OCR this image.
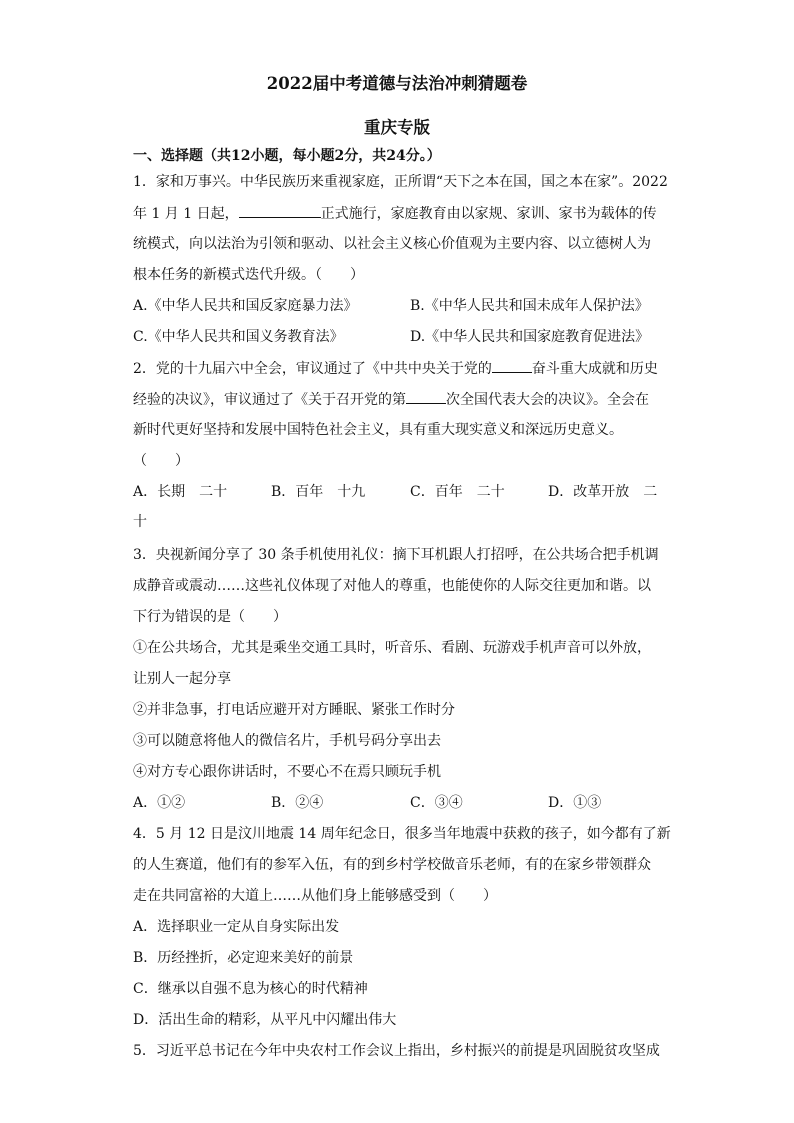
2022届中考道德与法治冲刺猜题卷
重庆专版
一、选择题（共12小题，每小题2分，共24分。）
1．家和万事兴。中华民族历来重视家庭，正所谓“天下之本在国，国之本在家”。2022
年 1 月 1 日起，	正式施行，家庭教育由以家规、家训、家书为载体的传
统模式，向以法治为引领和驱动、以社会主义核心价值观为主要内容、以立德树人为
根本任务的新模式迭代升级。（　　）
A.《中华人民共和国反家庭暴力法》	B.《中华人民共和国未成年人保护法》
C.《中华人民共和国义务教育法》	D.《中华人民共和国家庭教育促进法》
2．党的十九届六中全会，审议通过了《中共中央关于党的	奋斗重大成就和历史
经验的决议》，审议通过了《关于召开党的第	次全国代表大会的决议》。全会在
新时代更好坚持和发展中国特色社会主义，具有重大现实意义和深远历史意义。
（　　）
A．长期　二十	B．百年　十九	C．百年　二十	D．改革开放　二
十
3．央视新闻分享了 30 条手机使用礼仪：摘下耳机跟人打招呼，在公共场合把手机调
成静音或震动……这些礼仪体现了对他人的尊重，也能使你的人际交往更加和谐。以
下行为错误的是（　　）
①在公共场合，尤其是乘坐交通工具时，听音乐、看剧、玩游戏手机声音可以外放，
让别人一起分享
②并非急事，打电话应避开对方睡眠、紧张工作时分
③可以随意将他人的微信名片，手机号码分享出去
④对方专心跟你讲话时，不要心不在焉只顾玩手机
A．①②	B．②④	C．③④	D．①③
4．5 月 12 日是汶川地震 14 周年纪念日，很多当年地震中获救的孩子，如今都有了新
的人生赛道，他们有的参军入伍，有的到乡村学校做音乐老师，有的在家乡带领群众
走在共同富裕的大道上……从他们身上能够感受到（　　）
A．选择职业一定从自身实际出发
B．历经挫折，必定迎来美好的前景
C．继承以自强不息为核心的时代精神
D．活出生命的精彩，从平凡中闪耀出伟大
5．习近平总书记在今年中央农村工作会议上指出，乡村振兴的前提是巩固脱贫攻坚成
